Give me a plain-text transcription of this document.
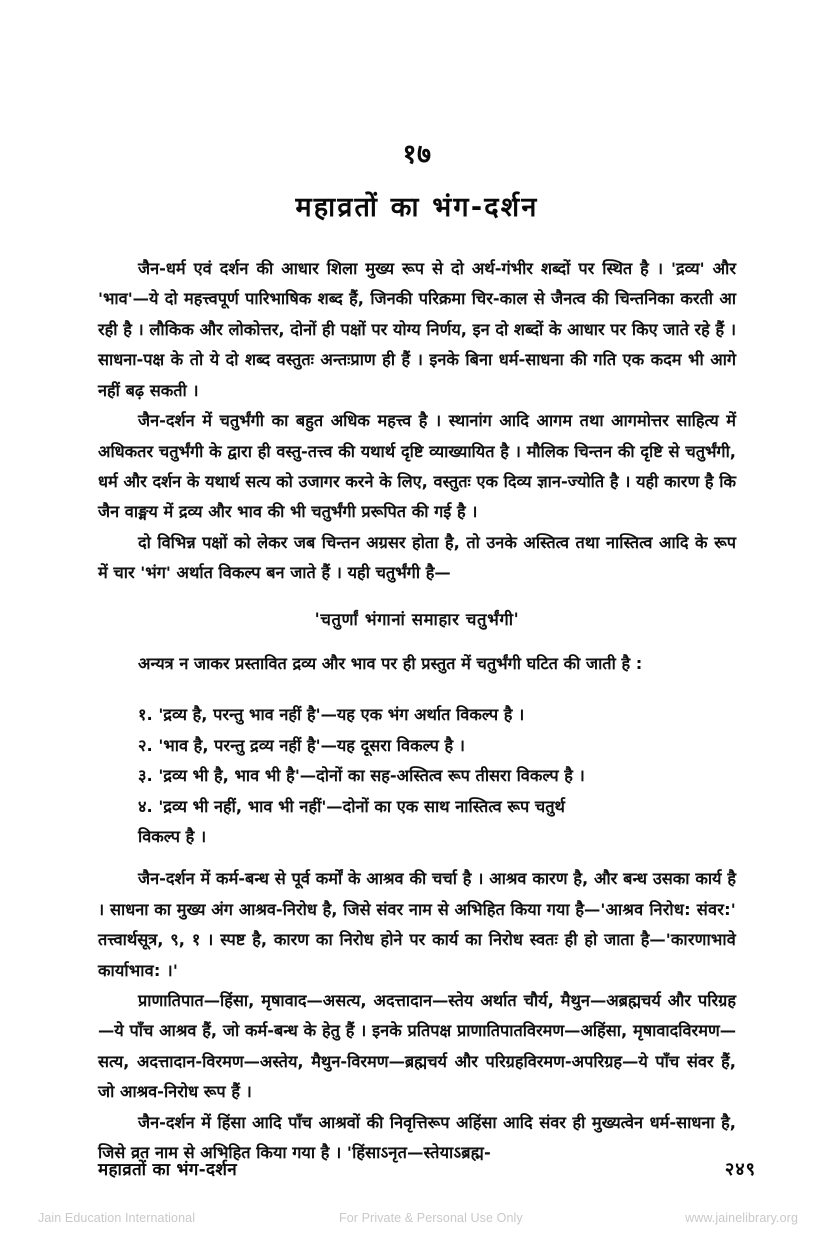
१७
महाव्रतों का भंग-दर्शन

जैन-धर्म एवं दर्शन की आधार शिला मुख्य रूप से दो अर्थ-गंभीर शब्दों पर स्थित है । 'द्रव्य' और 'भाव'—ये दो महत्त्वपूर्ण पारिभाषिक शब्द हैं, जिनकी परिक्रमा चिर-काल से जैनत्व की चिन्तनिका करती आ रही है । लौकिक और लोकोत्तर, दोनों ही पक्षों पर योग्य निर्णय, इन दो शब्दों के आधार पर किए जाते रहे हैं । साधना-पक्ष के तो ये दो शब्द वस्तुतः अन्तःप्राण ही हैं । इनके बिना धर्म-साधना की गति एक कदम भी आगे नहीं बढ़ सकती ।

जैन-दर्शन में चतुर्भंगी का बहुत अधिक महत्त्व है । स्थानांग आदि आगम तथा आगमोत्तर साहित्य में अधिकतर चतुर्भंगी के द्वारा ही वस्तु-तत्त्व की यथार्थ दृष्टि व्याख्यायित है । मौलिक चिन्तन की दृष्टि से चतुर्भंगी, धर्म और दर्शन के यथार्थ सत्य को उजागर करने के लिए, वस्तुतः एक दिव्य ज्ञान-ज्योति है । यही कारण है कि जैन वाङ्मय में द्रव्य और भाव की भी चतुर्भंगी प्ररूपित की गई है ।

दो विभिन्न पक्षों को लेकर जब चिन्तन अग्रसर होता है, तो उनके अस्तित्व तथा नास्तित्व आदि के रूप में चार 'भंग' अर्थात विकल्प बन जाते हैं । यही चतुर्भंगी है—

'चतुर्णां भंगानां समाहार चतुर्भंगी'

अन्यत्र न जाकर प्रस्तावित द्रव्य और भाव पर ही प्रस्तुत में चतुर्भंगी घटित की जाती है :

१. 'द्रव्य है, परन्तु भाव नहीं है'—यह एक भंग अर्थात विकल्प है ।
२. 'भाव है, परन्तु द्रव्य नहीं है'—यह दूसरा विकल्प है ।
३. 'द्रव्य भी है, भाव भी है'—दोनों का सह-अस्तित्व रूप तीसरा विकल्प है ।
४. 'द्रव्य भी नहीं, भाव भी नहीं'—दोनों का एक साथ नास्तित्व रूप चतुर्थ

विकल्प है ।

जैन-दर्शन में कर्म-बन्ध से पूर्व कर्मों के आश्रव की चर्चा है । आश्रव कारण है, और बन्ध उसका कार्य है । साधना का मुख्य अंग आश्रव-निरोध है, जिसे संवर नाम से अभिहित किया गया है—'आश्रव निरोध: संवर:' तत्त्वार्थसूत्र, ९, १ । स्पष्ट है, कारण का निरोध होने पर कार्य का निरोध स्वतः ही हो जाता है—'कारणाभावे कार्याभाव: ।'

प्राणातिपात—हिंसा, मृषावाद—असत्य, अदत्तादान—स्तेय अर्थात चौर्य, मैथुन—अब्रह्मचर्य और परिग्रह—ये पाँच आश्रव हैं, जो कर्म-बन्ध के हेतु हैं । इनके प्रतिपक्ष प्राणातिपातविरमण—अहिंसा, मृषावादविरमण—सत्य, अदत्तादान-विरमण—अस्तेय, मैथुन-विरमण—ब्रह्मचर्य और परिग्रहविरमण-अपरिग्रह—ये पाँच संवर हैं, जो आश्रव-निरोध रूप हैं ।

जैन-दर्शन में हिंसा आदि पाँच आश्रवों की निवृत्तिरूप अहिंसा आदि संवर ही मुख्यत्वेन धर्म-साधना है, जिसे व्रत नाम से अभिहित किया गया है । 'हिंसाऽनृत—स्तेयाऽब्रह्म-

महाव्रतों का भंग-दर्शन	२४९
Jain Education International	For Private & Personal Use Only	www.jainelibrary.org
